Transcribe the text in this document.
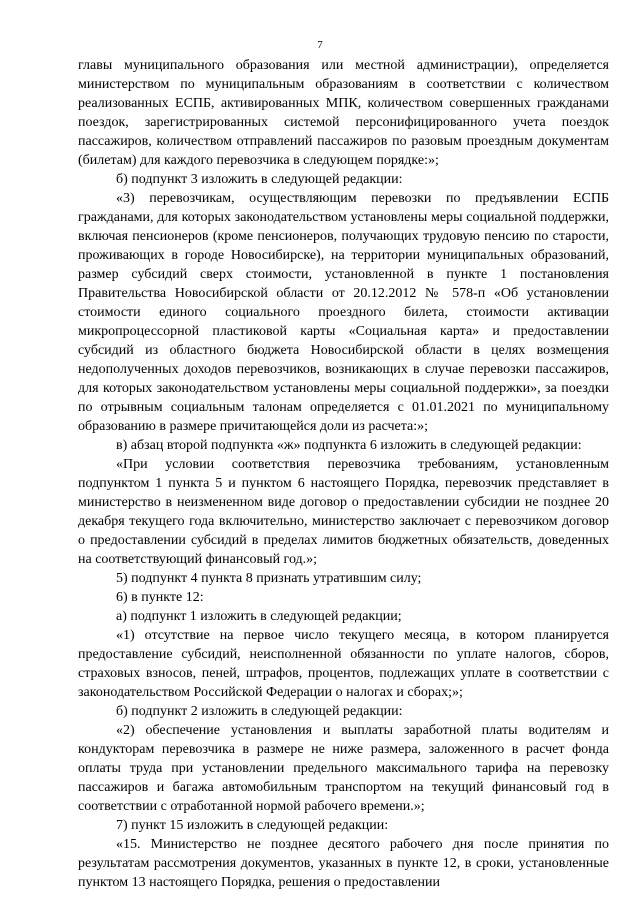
7

главы муниципального образования или местной администрации), определяется министерством по муниципальным образованиям в соответствии с количеством реализованных ЕСПБ, активированных МПК, количеством совершенных гражданами поездок, зарегистрированных системой персонифицированного учета поездок пассажиров, количеством отправлений пассажиров по разовым проездным документам (билетам) для каждого перевозчика в следующем порядке:»;

б) подпункт 3 изложить в следующей редакции:

«3) перевозчикам, осуществляющим перевозки по предъявлении ЕСПБ гражданами, для которых законодательством установлены меры социальной поддержки, включая пенсионеров (кроме пенсионеров, получающих трудовую пенсию по старости, проживающих в городе Новосибирске), на территории муниципальных образований, размер субсидий сверх стоимости, установленной в пункте 1 постановления Правительства Новосибирской области от 20.12.2012 № 578-п «Об установлении стоимости единого социального проездного билета, стоимости активации микропроцессорной пластиковой карты «Социальная карта» и предоставлении субсидий из областного бюджета Новосибирской области в целях возмещения недополученных доходов перевозчиков, возникающих в случае перевозки пассажиров, для которых законодательством установлены меры социальной поддержки», за поездки по отрывным социальным талонам определяется с 01.01.2021 по муниципальному образованию в размере причитающейся доли из расчета:»;

в) абзац второй подпункта «ж» подпункта 6 изложить в следующей редакции:

«При условии соответствия перевозчика требованиям, установленным подпунктом 1 пункта 5 и пунктом 6 настоящего Порядка, перевозчик представляет в министерство в неизмененном виде договор о предоставлении субсидии не позднее 20 декабря текущего года включительно, министерство заключает с перевозчиком договор о предоставлении субсидий в пределах лимитов бюджетных обязательств, доведенных на соответствующий финансовый год.»;

5) подпункт 4 пункта 8 признать утратившим силу;

6) в пункте 12:

а) подпункт 1 изложить в следующей редакции;

«1) отсутствие на первое число текущего месяца, в котором планируется предоставление субсидий, неисполненной обязанности по уплате налогов, сборов, страховых взносов, пеней, штрафов, процентов, подлежащих уплате в соответствии с законодательством Российской Федерации о налогах и сборах;»;

б) подпункт 2 изложить в следующей редакции:

«2) обеспечение установления и выплаты заработной платы водителям и кондукторам перевозчика в размере не ниже размера, заложенного в расчет фонда оплаты труда при установлении предельного максимального тарифа на перевозку пассажиров и багажа автомобильным транспортом на текущий финансовый год в соответствии с отработанной нормой рабочего времени.»;

7) пункт 15 изложить в следующей редакции:

«15. Министерство не позднее десятого рабочего дня после принятия по результатам рассмотрения документов, указанных в пункте 12, в сроки, установленные пунктом 13 настоящего Порядка, решения о предоставлении
